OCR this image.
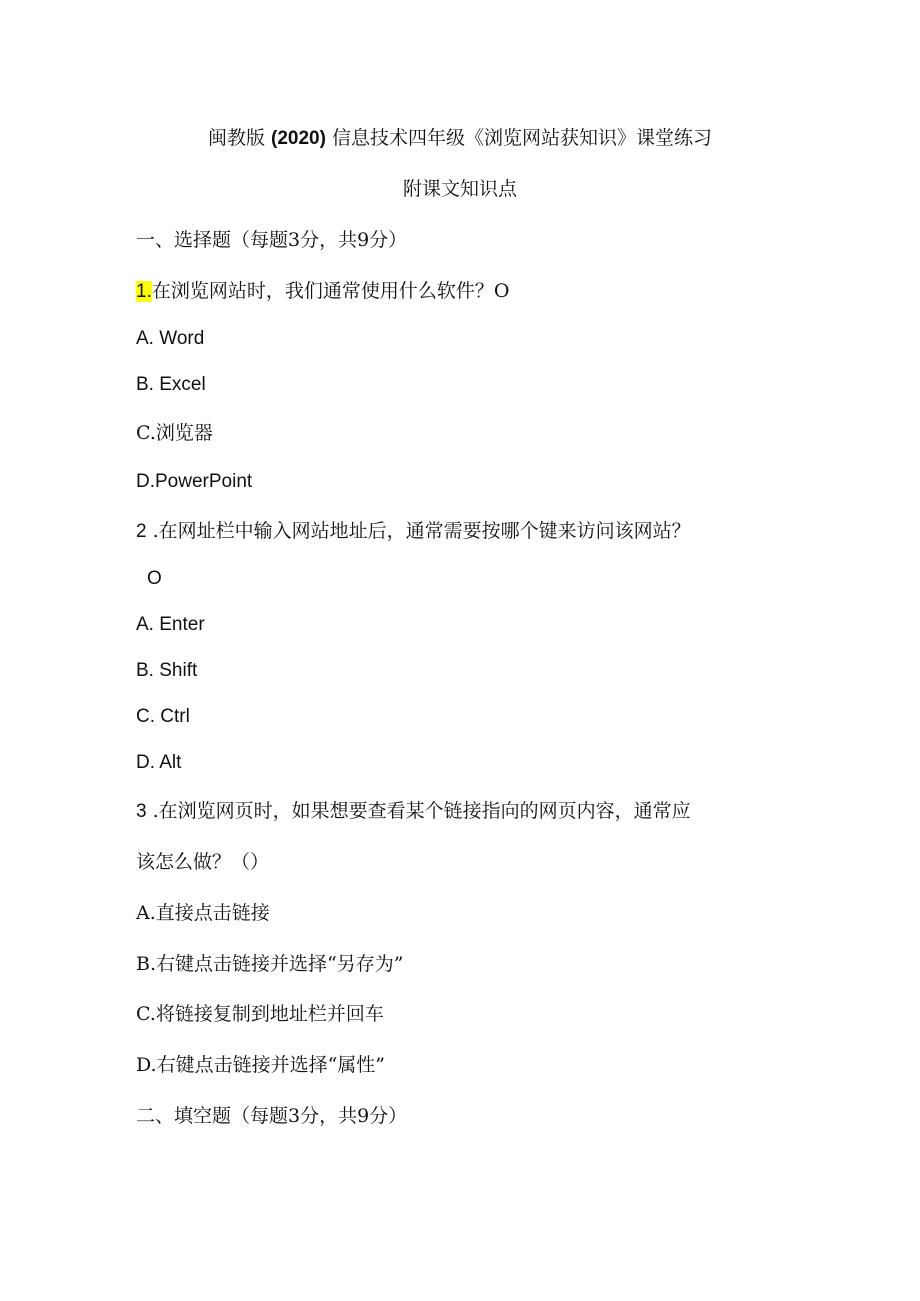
闽教版 (2020) 信息技术四年级《浏览网站获知识》课堂练习
附课文知识点
一、选择题（每题3分，共9分）
1.在浏览网站时，我们通常使用什么软件？O
A. Word
B. Excel
C.浏览器
D.PowerPoint
2 .在网址栏中输入网站地址后，通常需要按哪个键来访问该网站？
O
A. Enter
B. Shift
C. Ctrl
D. Alt
3 .在浏览网页时，如果想要查看某个链接指向的网页内容，通常应
该怎么做？（）
A.直接点击链接
B.右键点击链接并选择“另存为”
C.将链接复制到地址栏并回车
D.右键点击链接并选择“属性”
二、填空题（每题3分，共9分）
